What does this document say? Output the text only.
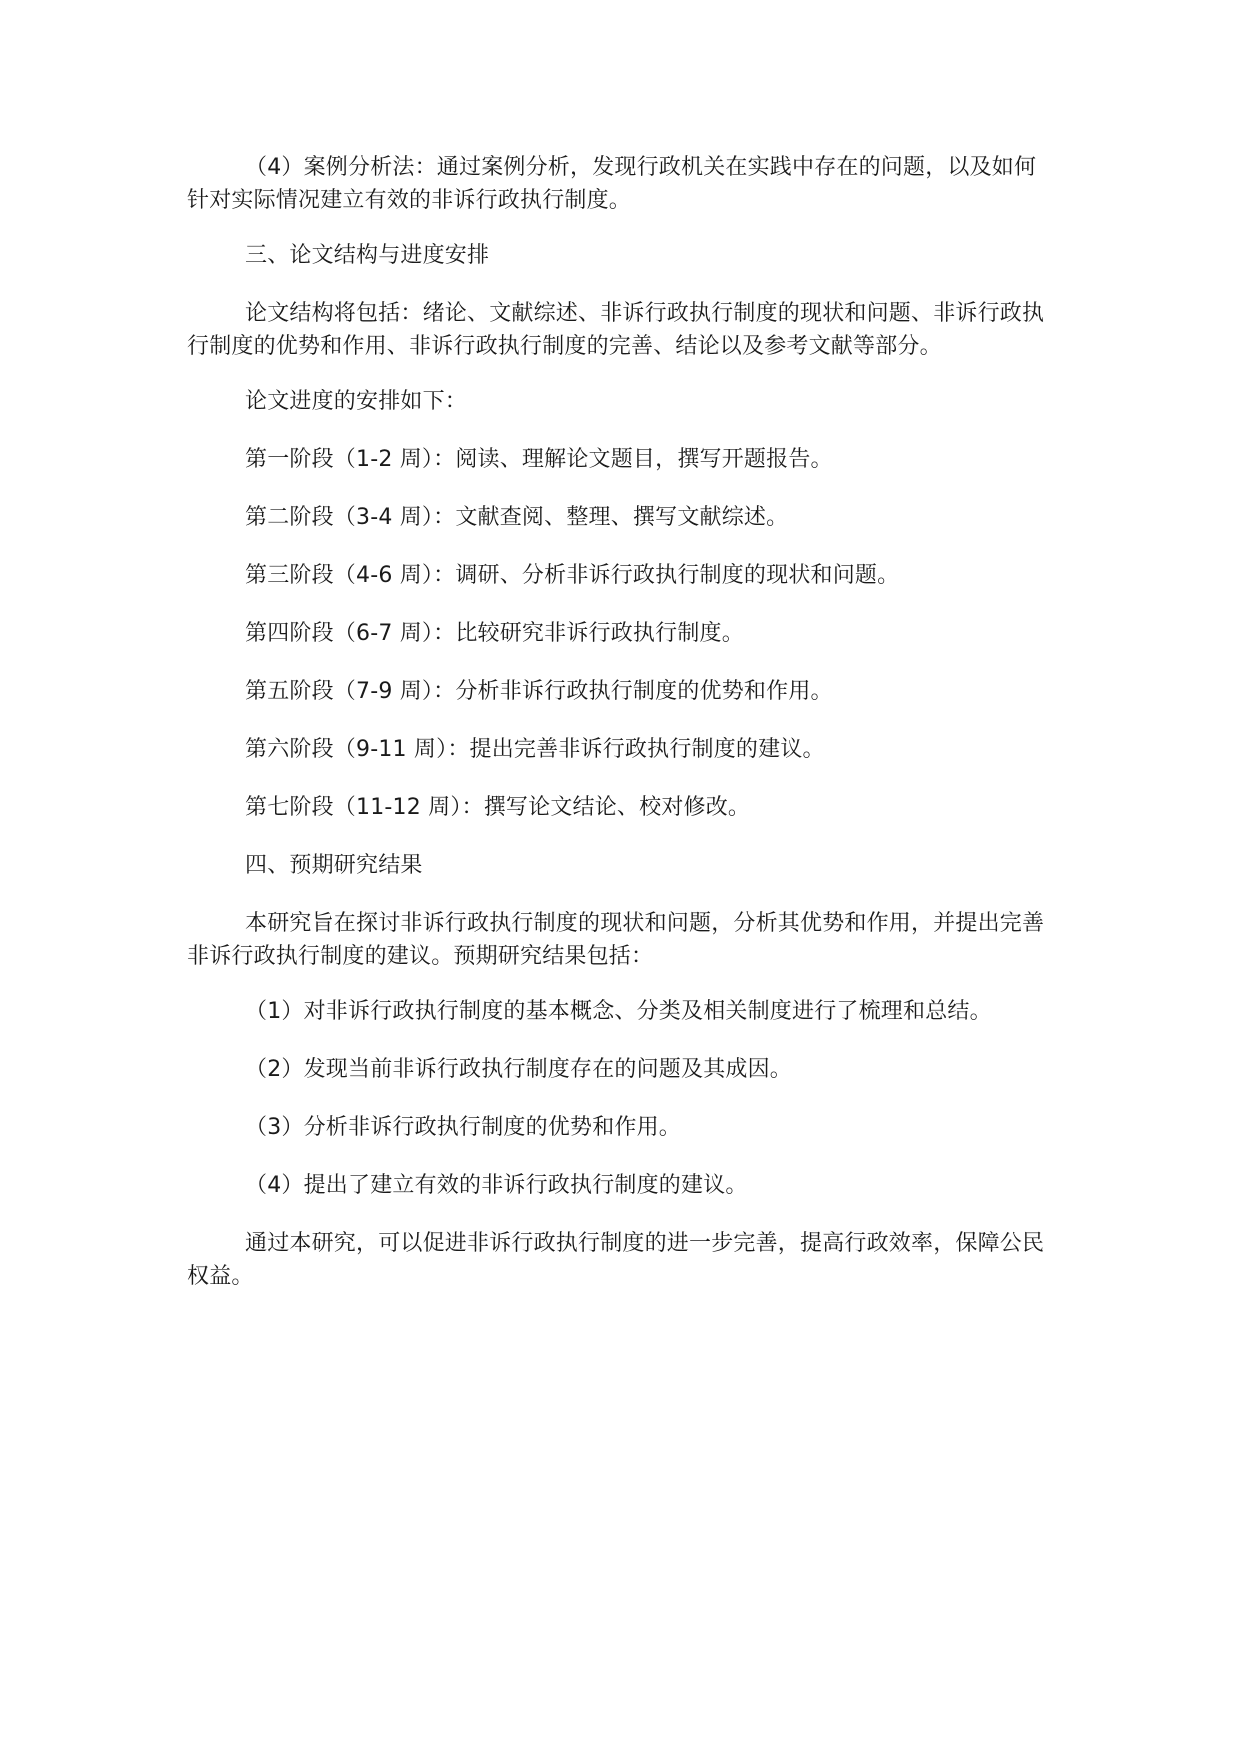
（4）案例分析法：通过案例分析，发现行政机关在实践中存在的问题，以及如何针对实际情况建立有效的非诉行政执行制度。

三、论文结构与进度安排

论文结构将包括：绪论、文献综述、非诉行政执行制度的现状和问题、非诉行政执行制度的优势和作用、非诉行政执行制度的完善、结论以及参考文献等部分。

论文进度的安排如下：

第一阶段（1-2 周）：阅读、理解论文题目，撰写开题报告。

第二阶段（3-4 周）：文献查阅、整理、撰写文献综述。

第三阶段（4-6 周）：调研、分析非诉行政执行制度的现状和问题。

第四阶段（6-7 周）：比较研究非诉行政执行制度。

第五阶段（7-9 周）：分析非诉行政执行制度的优势和作用。

第六阶段（9-11 周）：提出完善非诉行政执行制度的建议。

第七阶段（11-12 周）：撰写论文结论、校对修改。

四、预期研究结果

本研究旨在探讨非诉行政执行制度的现状和问题，分析其优势和作用，并提出完善非诉行政执行制度的建议。预期研究结果包括：

（1）对非诉行政执行制度的基本概念、分类及相关制度进行了梳理和总结。

（2）发现当前非诉行政执行制度存在的问题及其成因。

（3）分析非诉行政执行制度的优势和作用。

（4）提出了建立有效的非诉行政执行制度的建议。

通过本研究，可以促进非诉行政执行制度的进一步完善，提高行政效率，保障公民权益。
